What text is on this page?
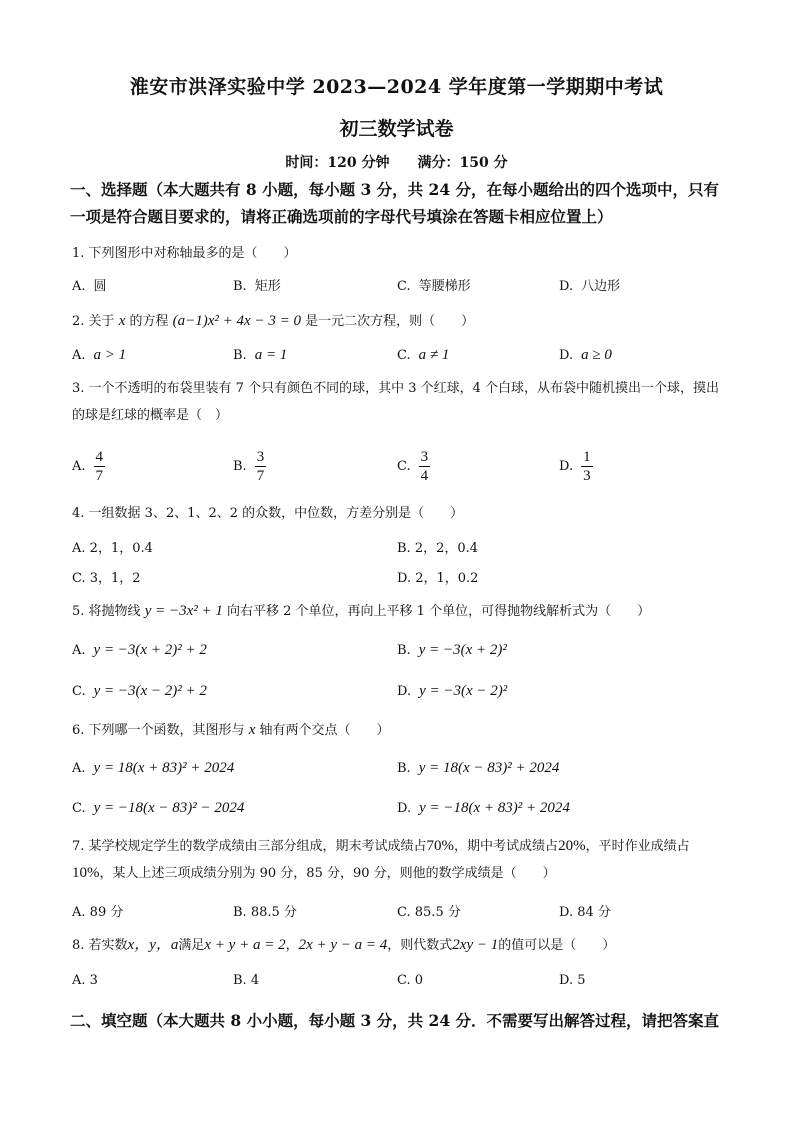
淮安市洪泽实验中学 2023—2024 学年度第一学期期中考试
初三数学试卷
时间：120 分钟　　满分：150 分
一、选择题（本大题共有 8 小题，每小题 3 分，共 24 分，在每小题给出的四个选项中，只有一项是符合题目要求的，请将正确选项前的字母代号填涂在答题卡相应位置上）
1. 下列图形中对称轴最多的是（　　）
A. 圆	B. 矩形	C. 等腰梯形	D. 八边形
2. 关于 x 的方程 (a−1)x² + 4x − 3 = 0 是一元二次方程，则（　　）
A. a > 1	B. a = 1	C. a ≠ 1	D. a ≥ 0
3. 一个不透明的布袋里装有 7 个只有颜色不同的球，其中 3 个红球，4 个白球，从布袋中随机摸出一个球，摸出的球是红球的概率是（　）
A. $\frac{4}{7}$	B. $\frac{3}{7}$	C. $\frac{3}{4}$	D. $\frac{1}{3}$
4. 一组数据 3、2、1、2、2 的众数，中位数，方差分别是（　　）
A. 2，1，0.4	B. 2，2，0.4
C. 3，1，2	D. 2，1，0.2
5. 将抛物线 y = −3x² + 1 向右平移 2 个单位，再向上平移 1 个单位，可得抛物线解析式为（　　）
A. y = −3(x + 2)² + 2	B. y = −3(x + 2)²
C. y = −3(x − 2)² + 2	D. y = −3(x − 2)²
6. 下列哪一个函数，其图形与 x 轴有两个交点（　　）
A. y = 18(x + 83)² + 2024	B. y = 18(x − 83)² + 2024
C. y = −18(x − 83)² − 2024	D. y = −18(x + 83)² + 2024
7. 某学校规定学生的数学成绩由三部分组成，期末考试成绩占70%，期中考试成绩占20%，平时作业成绩占10%，某人上述三项成绩分别为 90 分，85 分，90 分，则他的数学成绩是（　　）
A. 89 分	B. 88.5 分	C. 85.5 分	D. 84 分
8. 若实数x，y，a满足x + y + a = 2，2x + y − a = 4，则代数式2xy − 1的值可以是（　　）
A. 3	B. 4	C. 0	D. 5
二、填空题（本大题共 8 小小题，每小题 3 分，共 24 分．不需要写出解答过程，请把答案直
